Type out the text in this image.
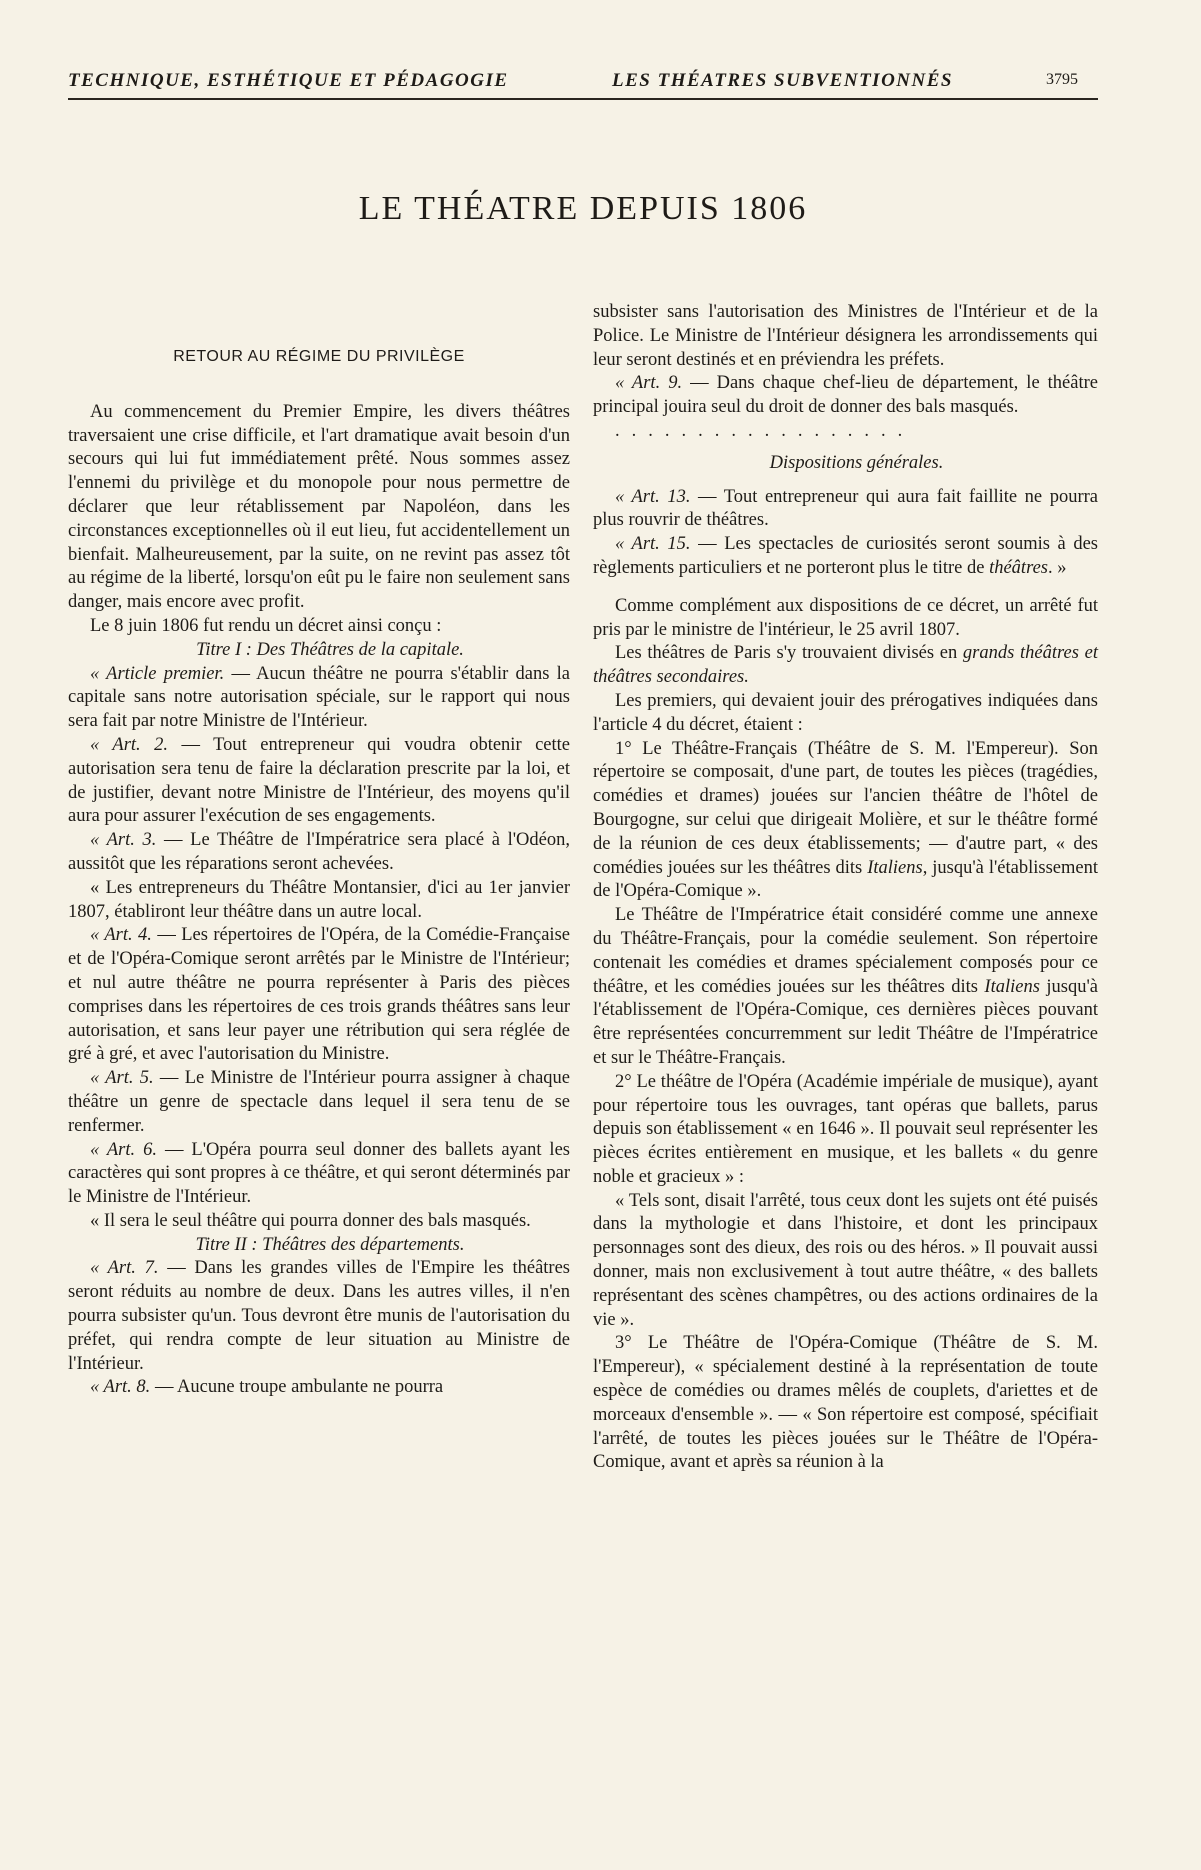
TECHNIQUE, ESTHÉTIQUE ET PÉDAGOGIE	LES THÉATRES SUBVENTIONNÉS	3795
LE THÉATRE DEPUIS 1806
RETOUR AU RÉGIME DU PRIVILÈGE

Au commencement du Premier Empire, les divers théâtres traversaient une crise difficile, et l'art dramatique avait besoin d'un secours qui lui fut immédiatement prêté. Nous sommes assez l'ennemi du privilège et du monopole pour nous permettre de déclarer que leur rétablissement par Napoléon, dans les circonstances exceptionnelles où il eut lieu, fut accidentellement un bienfait. Malheureusement, par la suite, on ne revint pas assez tôt au régime de la liberté, lorsqu'on eût pu le faire non seulement sans danger, mais encore avec profit.

Le 8 juin 1806 fut rendu un décret ainsi conçu :

Titre I : Des Théâtres de la capitale.

« Article premier. — Aucun théâtre ne pourra s'établir dans la capitale sans notre autorisation spéciale, sur le rapport qui nous sera fait par notre Ministre de l'Intérieur.

« Art. 2. — Tout entrepreneur qui voudra obtenir cette autorisation sera tenu de faire la déclaration prescrite par la loi, et de justifier, devant notre Ministre de l'Intérieur, des moyens qu'il aura pour assurer l'exécution de ses engagements.

« Art. 3. — Le Théâtre de l'Impératrice sera placé à l'Odéon, aussitôt que les réparations seront achevées.

« Les entrepreneurs du Théâtre Montansier, d'ici au 1er janvier 1807, établiront leur théâtre dans un autre local.

« Art. 4. — Les répertoires de l'Opéra, de la Comédie-Française et de l'Opéra-Comique seront arrêtés par le Ministre de l'Intérieur; et nul autre théâtre ne pourra représenter à Paris des pièces comprises dans les répertoires de ces trois grands théâtres sans leur autorisation, et sans leur payer une rétribution qui sera réglée de gré à gré, et avec l'autorisation du Ministre.

« Art. 5. — Le Ministre de l'Intérieur pourra assigner à chaque théâtre un genre de spectacle dans lequel il sera tenu de se renfermer.

« Art. 6. — L'Opéra pourra seul donner des ballets ayant les caractères qui sont propres à ce théâtre, et qui seront déterminés par le Ministre de l'Intérieur.

« Il sera le seul théâtre qui pourra donner des bals masqués.

Titre II : Théâtres des départements.

« Art. 7. — Dans les grandes villes de l'Empire les théâtres seront réduits au nombre de deux. Dans les autres villes, il n'en pourra subsister qu'un. Tous devront être munis de l'autorisation du préfet, qui rendra compte de leur situation au Ministre de l'Intérieur.

« Art. 8. — Aucune troupe ambulante ne pourra

subsister sans l'autorisation des Ministres de l'Intérieur et de la Police. Le Ministre de l'Intérieur désignera les arrondissements qui leur seront destinés et en préviendra les préfets.

« Art. 9. — Dans chaque chef-lieu de département, le théâtre principal jouira seul du droit de donner des bals masqués.

..................

Dispositions générales.

« Art. 13. — Tout entrepreneur qui aura fait faillite ne pourra plus rouvrir de théâtres.

« Art. 15. — Les spectacles de curiosités seront soumis à des règlements particuliers et ne porteront plus le titre de théâtres. »

Comme complément aux dispositions de ce décret, un arrêté fut pris par le ministre de l'intérieur, le 25 avril 1807.

Les théâtres de Paris s'y trouvaient divisés en grands théâtres et théâtres secondaires.

Les premiers, qui devaient jouir des prérogatives indiquées dans l'article 4 du décret, étaient :

1° Le Théâtre-Français (Théâtre de S. M. l'Empereur). Son répertoire se composait, d'une part, de toutes les pièces (tragédies, comédies et drames) jouées sur l'ancien théâtre de l'hôtel de Bourgogne, sur celui que dirigeait Molière, et sur le théâtre formé de la réunion de ces deux établissements; — d'autre part, « des comédies jouées sur les théâtres dits Italiens, jusqu'à l'établissement de l'Opéra-Comique ».

Le Théâtre de l'Impératrice était considéré comme une annexe du Théâtre-Français, pour la comédie seulement. Son répertoire contenait les comédies et drames spécialement composés pour ce théâtre, et les comédies jouées sur les théâtres dits Italiens jusqu'à l'établissement de l'Opéra-Comique, ces dernières pièces pouvant être représentées concurremment sur ledit Théâtre de l'Impératrice et sur le Théâtre-Français.

2° Le théâtre de l'Opéra (Académie impériale de musique), ayant pour répertoire tous les ouvrages, tant opéras que ballets, parus depuis son établissement « en 1646 ». Il pouvait seul représenter les pièces écrites entièrement en musique, et les ballets « du genre noble et gracieux » :

« Tels sont, disait l'arrêté, tous ceux dont les sujets ont été puisés dans la mythologie et dans l'histoire, et dont les principaux personnages sont des dieux, des rois ou des héros. » Il pouvait aussi donner, mais non exclusivement à tout autre théâtre, « des ballets représentant des scènes champêtres, ou des actions ordinaires de la vie ».

3° Le Théâtre de l'Opéra-Comique (Théâtre de S. M. l'Empereur), « spécialement destiné à la représentation de toute espèce de comédies ou drames mêlés de couplets, d'ariettes et de morceaux d'ensemble ». — « Son répertoire est composé, spécifiait l'arrêté, de toutes les pièces jouées sur le Théâtre de l'Opéra-Comique, avant et après sa réunion à la
